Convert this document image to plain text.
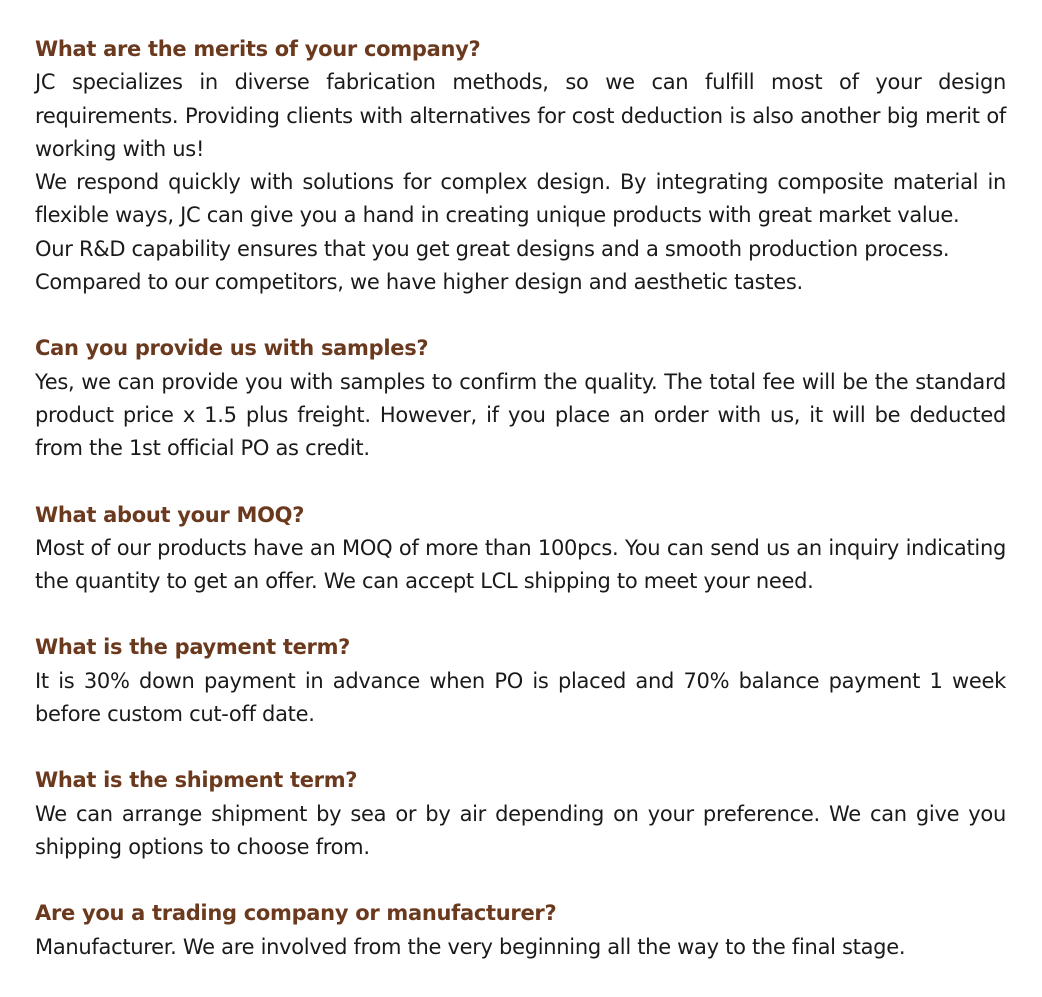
What are the merits of your company?

JC specializes in diverse fabrication methods, so we can fulfill most of your design requirements. Providing clients with alternatives for cost deduction is also another big merit of working with us!

We respond quickly with solutions for complex design. By integrating composite material in flexible ways, JC can give you a hand in creating unique products with great market value.

Our R&D capability ensures that you get great designs and a smooth production process.

Compared to our competitors, we have higher design and aesthetic tastes.

Can you provide us with samples?

Yes, we can provide you with samples to confirm the quality. The total fee will be the standard product price x 1.5 plus freight. However, if you place an order with us, it will be deducted from the 1st official PO as credit.

What about your MOQ?

Most of our products have an MOQ of more than 100pcs. You can send us an inquiry indicating the quantity to get an offer. We can accept LCL shipping to meet your need.

What is the payment term?

It is 30% down payment in advance when PO is placed and 70% balance payment 1 week before custom cut-off date.

What is the shipment term?

We can arrange shipment by sea or by air depending on your preference. We can give you shipping options to choose from.

Are you a trading company or manufacturer?

Manufacturer. We are involved from the very beginning all the way to the final stage.
